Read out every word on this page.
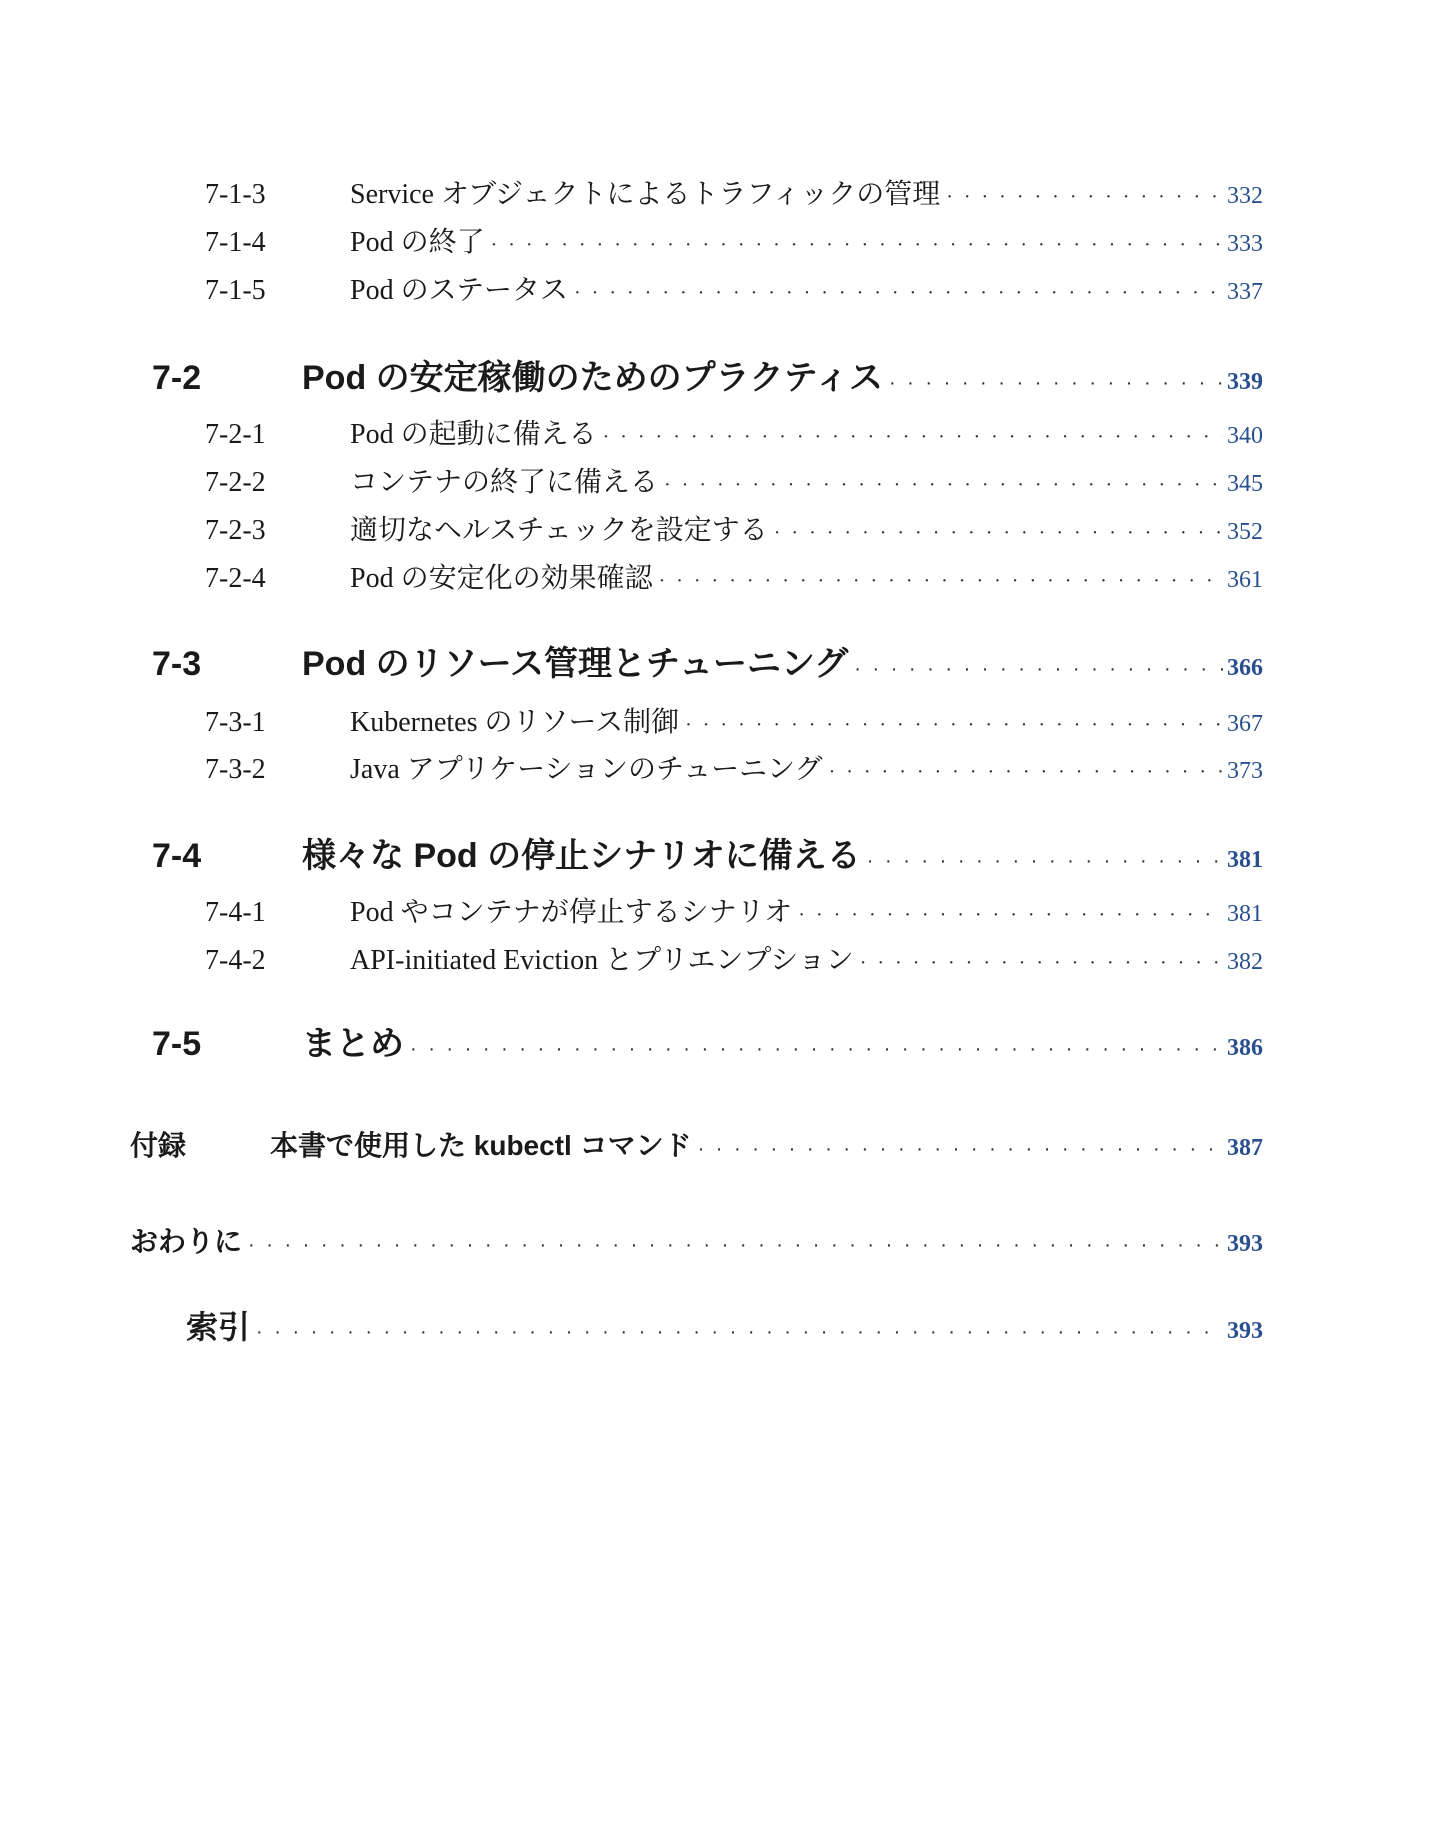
7-1-3	Service オブジェクトによるトラフィックの管理 · · ·	332
7-1-4	Pod の終了 · · ·	333
7-1-5	Pod のステータス · · ·	337
7-2	Pod の安定稼働のためのプラクティス · · ·	339
7-2-1	Pod の起動に備える · · ·	340
7-2-2	コンテナの終了に備える · · ·	345
7-2-3	適切なヘルスチェックを設定する · · ·	352
7-2-4	Pod の安定化の効果確認 · · ·	361
7-3	Pod のリソース管理とチューニング · · ·	366
7-3-1	Kubernetes のリソース制御 · · ·	367
7-3-2	Java アプリケーションのチューニング · · ·	373
7-4	様々な Pod の停止シナリオに備える · · ·	381
7-4-1	Pod やコンテナが停止するシナリオ · · ·	381
7-4-2	API-initiated Eviction とプリエンプション · · ·	382
7-5	まとめ · · ·	386
付録	本書で使用した kubectl コマンド · · ·	387
おわりに · · ·	393
索引 · · ·	393
